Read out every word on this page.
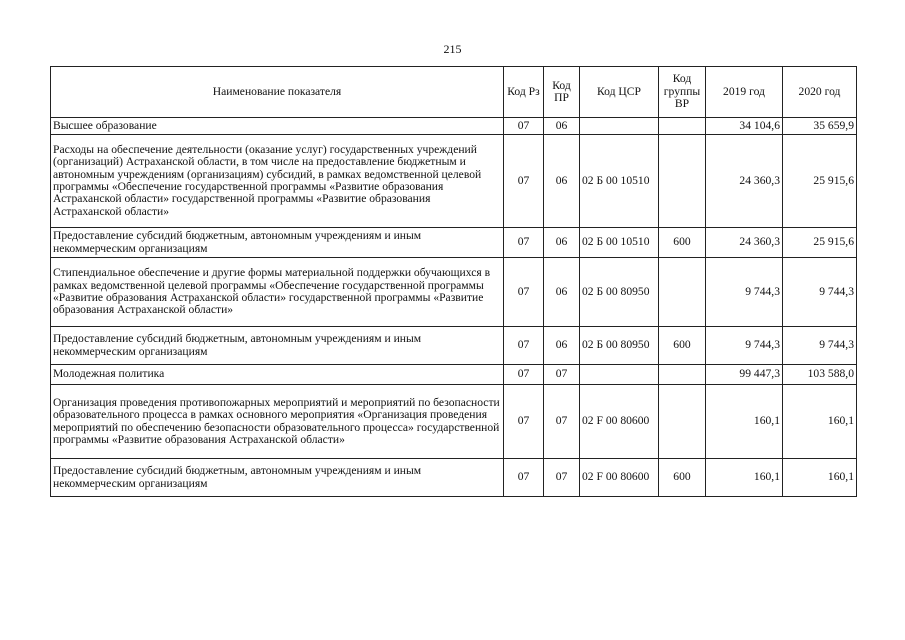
215
Наименование показателя	Код Рз	Код ПР	Код ЦСР	Код группы ВР	2019 год	2020 год
Высшее образование	07	06			34 104,6	35 659,9
Расходы на обеспечение деятельности (оказание услуг) государственных учреждений (организаций) Астраханской области, в том числе на предоставление бюджетным и автономным учреждениям (организациям) субсидий, в рамках ведомственной целевой программы «Обеспечение государственной программы «Развитие образования Астраханской области» государственной программы «Развитие образования Астраханской области»	07	06	02 Б 00 10510		24 360,3	25 915,6
Предоставление субсидий бюджетным, автономным учреждениям и иным некоммерческим организациям	07	06	02 Б 00 10510	600	24 360,3	25 915,6
Стипендиальное обеспечение и другие формы материальной поддержки обучающихся в рамках ведомственной целевой программы «Обеспечение государственной программы «Развитие образования Астраханской области» государственной программы «Развитие образования Астраханской области»	07	06	02 Б 00 80950		9 744,3	9 744,3
Предоставление субсидий бюджетным, автономным учреждениям и иным некоммерческим организациям	07	06	02 Б 00 80950	600	9 744,3	9 744,3
Молодежная политика	07	07			99 447,3	103 588,0
Организация проведения противопожарных мероприятий и мероприятий по безопасности образовательного процесса в рамках основного мероприятия «Организация проведения мероприятий по обеспечению безопасности образовательного процесса» государственной программы «Развитие образования Астраханской области»	07	07	02 F 00 80600		160,1	160,1
Предоставление субсидий бюджетным, автономным учреждениям и иным некоммерческим организациям	07	07	02 F 00 80600	600	160,1	160,1
